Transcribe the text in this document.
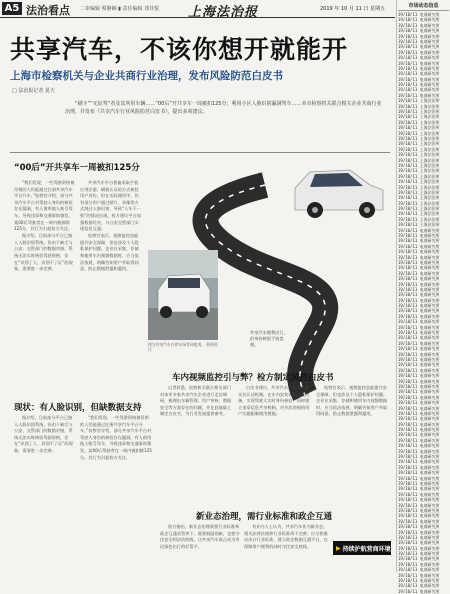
A5 法治看点 二审编辑 蔡静娴 ▮ 责任编辑 邓佳悦 上海法治报	2019 年 10 月 11 日 星期五	市场动态信息
19/10/11 电商研究所
19/10/11 电商研究所
19/10/11 电商研究所
19/10/11 电商研究所
19/10/11 电商研究所
19/10/11 电商研究所
19/10/11 电商研究所
19/10/11 电商研究所
19/10/11 电商研究所
19/10/11 电商研究所
19/10/11 电商研究所
19/10/11 电商研究所
19/10/11 电商研究所
19/10/11 电商研究所
19/10/11 电商研究所
19/10/11 电商研究所
19/10/11 上海法治所
19/10/11 上海法治所
19/10/11 上海法治所
19/10/11 上海法治所
19/10/11 上海法治所
19/10/11 上海法治所
19/10/11 上海法治所
19/10/11 上海法治所
19/10/11 上海法治所
19/10/11 上海法治所
19/10/11 上海法治所
19/10/11 上海法治所
19/10/11 上海法治所
19/10/11 上海法治所
19/10/11 上海法治所
19/10/11 上海法治所
19/10/11 上海法治所
19/10/11 上海法治所
19/10/11 上海法治所
19/10/11 上海法治所
19/10/11 上海法治所
19/10/11 上海法治所
19/10/11 上海法治所
19/10/11 上海法治所
19/10/11 电商研究所
19/10/11 电商研究所
19/10/11 电商研究所
19/10/11 电商研究所
19/10/11 电商研究所
19/10/11 电商研究所
19/10/11 电商研究所
19/10/11 电商研究所
19/10/11 电商研究所
19/10/11 电商研究所
19/10/11 电商研究所
19/10/11 电商研究所
19/10/11 电商研究所
19/10/11 电商研究所
19/10/11 电商研究所
19/10/11 电商研究所
19/10/11 电商研究所
19/10/11 电商研究所
19/10/11 电商研究所
19/10/11 电商研究所
19/10/11 电商研究所
19/10/11 电商研究所
19/10/11 电商研究所
19/10/11 电商研究所
19/10/11 电商研究所
19/10/11 电商研究所
19/10/11 电商研究所
19/10/11 电商研究所
19/10/11 电商研究所
19/10/11 电商研究所
19/10/11 电商研究所
19/10/11 电商研究所
19/10/11 电商研究所
19/10/11 电商研究所
19/10/11 电商研究所
19/10/11 电商研究所
19/10/11 电商研究所
19/10/11 电商研究所
19/10/11 电商研究所
19/10/11 电商研究所
19/10/11 电商研究所
19/10/11 电商研究所
19/10/11 电商研究所
19/10/11 电商研究所
19/10/11 电商研究所
19/10/11 电商研究所
19/10/11 电商研究所
19/10/11 电商研究所
19/10/11 电商研究所
19/10/11 电商研究所
19/10/11 电商研究所
19/10/11 电商研究所
19/10/11 电商研究所
19/10/11 电商研究所
19/10/11 电商研究所
19/10/11 电商研究所
19/10/11 电商研究所
19/10/11 电商研究所
19/10/11 电商研究所
19/10/11 电商研究所
19/10/11 电商研究所
19/10/11 电商研究所
19/10/11 电商研究所
19/10/11 电商研究所
19/10/11 电商研究所
19/10/11 电商研究所
19/10/11 电商研究所
19/10/11 电商研究所
共享汽车，不该你想开就能开
上海市检察机关与企业共商行业治理，发布风险防范白皮书
□ 法治报记者 夏天

“刷卡”“无证驾”者及其所用车辆……“00后”开共享车一周被扣125分；利用小区人脸识别漏洞驾车……本市检察机关联合相关企业共商行业治理，并发布《共享汽车行业风险防范白皮书》，提出多项建议。

“00后”开共享车一周被扣125分

“我们发现，一些驾驶资格被吊销的人仍能通过注册共享汽车平台开车。”检察官介绍，部分共享汽车平台对驾驶人身份的核验存在漏洞，有人借用他人账号驾车，导致违章和交通事故频发。某00后驾驶者在一周内被扣除125分，其行为引起检方关注。

据介绍，目前部分平台已接入人脸识别系统，但由于缺乏与公安、交管部门的数据对接，系统无法实时核验驾驶资格，存在“识别了人、识别不了证”的现象，需要进一步完善。

共享汽车平台普遍采取手机应用注册、刷脸认证的方式核验用户身份，但在实际使用中，仍有部分用户通过照片、录像等方式绕过人脸识别，导致“人车不一致”的情况出现。检方建议平台加强数据比对，与公安交管部门实现信息互通。

检察官表示，视频监控虽能提升安全保障，但也涉及个人隐私保护问题。企业在采集、存储和使用车内视频数据时，应当依法依规，明确告知用户并取得同意，防止数据泄露和滥用。

图为共享汽车在停车场等待租用。 资料图片
共享汽车便利出行，但身份核验不容忽视。
车内视频监控引与弊？检方制定风控白皮书

记者获悉，检察机关联合相关部门对本市多家共享汽车企业进行走访调研，梳理出车辆管理、用户审核、数据安全等方面存在的问题，并在此基础上制定白皮书，为行业发展提供参考。

白皮书建议，共享汽车企业应完善实名认证机制，在车内安装视频监控设备，实现驾驶人实时身份核验；同时建立违章信息共享机制，对多次违规的用户实施限制使用措施。

检察官表示，视频监控虽能提升安全保障，但也涉及个人隐私保护问题。企业在采集、存储和使用车内视频数据时，应当依法依规，明确告知用户并取得同意，防止数据泄露和滥用。

现状：有人脸识别，但缺数据支持

据介绍，目前部分平台已接入人脸识别系统，但由于缺乏与公安、交管部门的数据对接，系统无法实时核验驾驶资格，存在“识别了人、识别不了证”的现象，需要进一步完善。

“我们发现，一些驾驶资格被吊销的人仍能通过注册共享汽车平台开车。”检察官介绍，部分共享汽车平台对驾驶人身份的核验存在漏洞，有人借用他人账号驾车，导致违章和交通事故频发。某00后驾驶者在一周内被扣除125分，其行为引起检方关注。

新业态治理，需行业标准和政企互通

检方指出，新业态治理需要行业标准和政企互通双管齐下，既要鼓励创新，也要守住安全和法治底线，让共享汽车真正成为市民绿色出行的好帮手。

有业内人士认为，共享汽车作为新业态，相关法律法规和行业标准尚不完善。应尽快推动出台行业标准，建立政企数据互通平台，在保障用户便利的同时守住安全底线。	▶ 持续护航营商环境
